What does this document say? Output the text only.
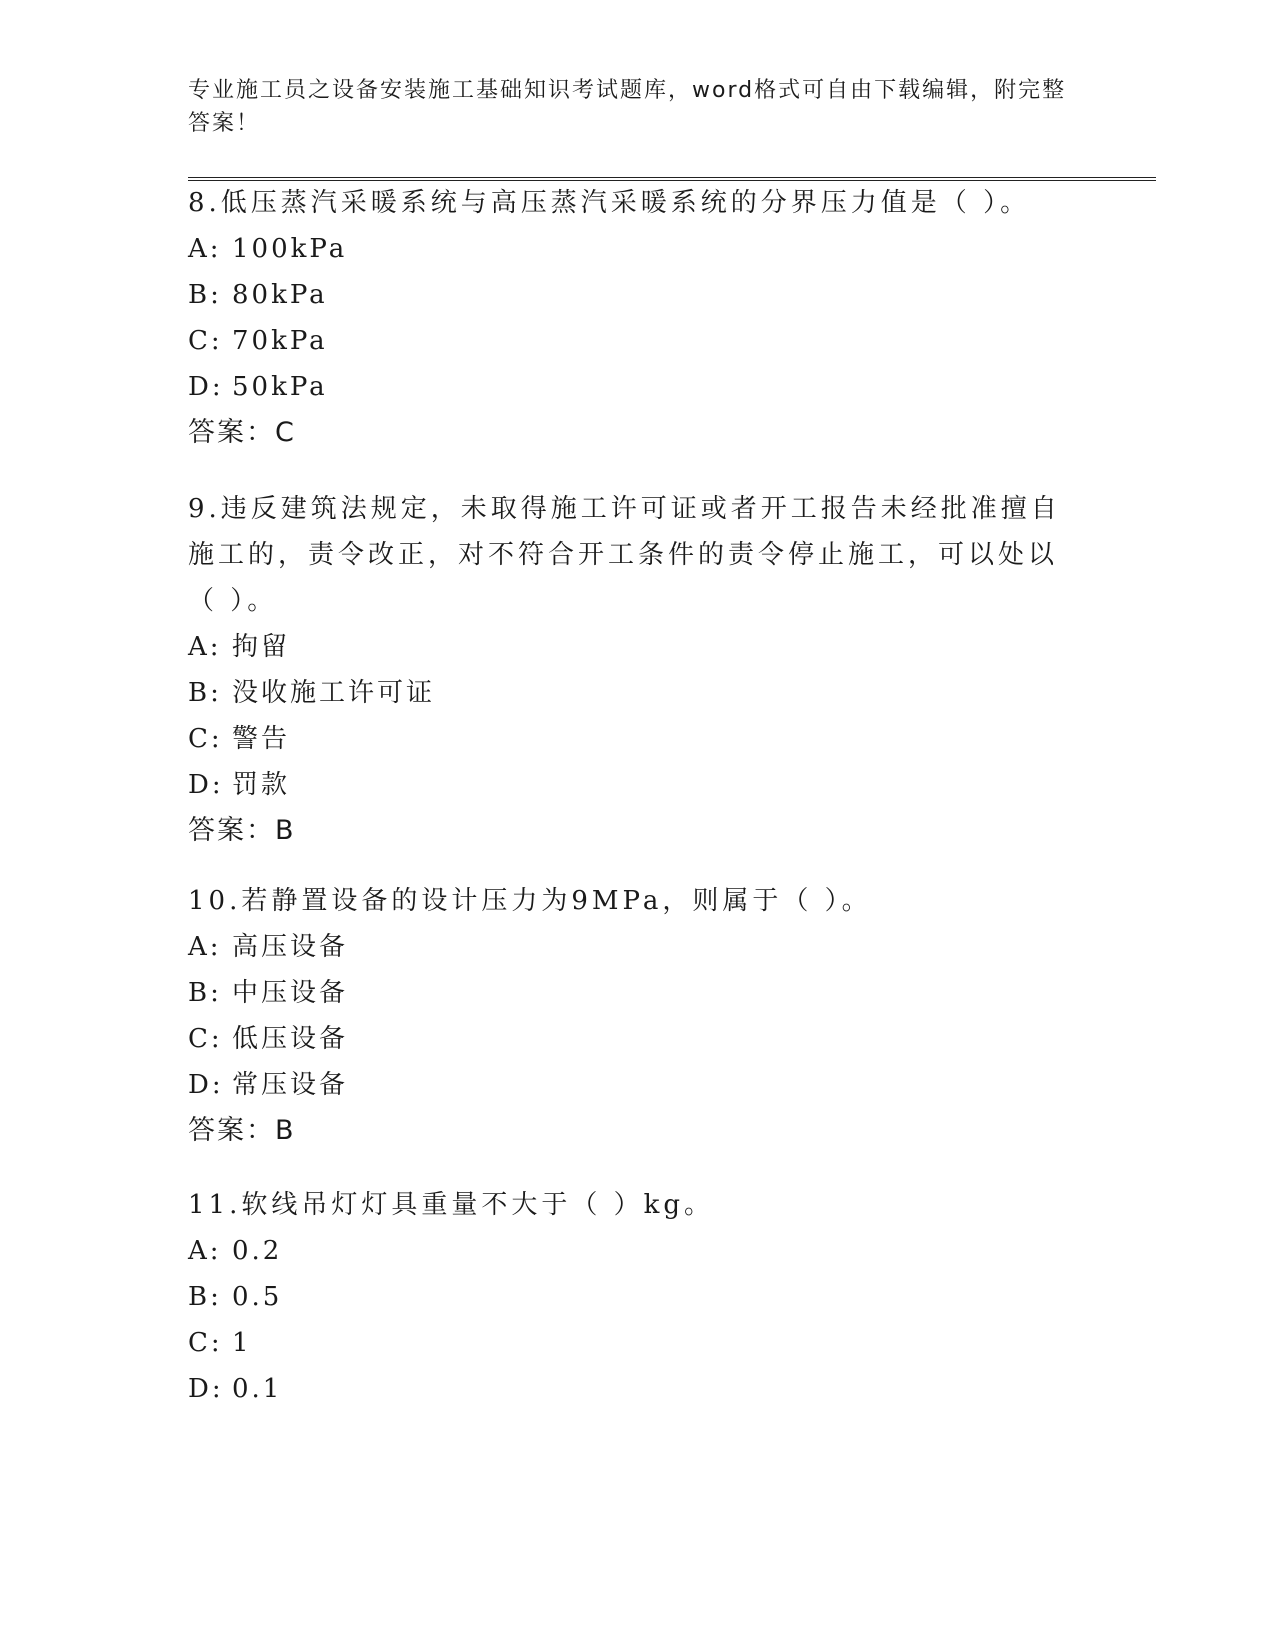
专业施工员之设备安装施工基础知识考试题库，word格式可自由下载编辑，附完整答案！

8.低压蒸汽采暖系统与高压蒸汽采暖系统的分界压力值是（ ）。

A: 100kPa

B: 80kPa

C: 70kPa

D: 50kPa

答案：C

9.违反建筑法规定，未取得施工许可证或者开工报告未经批准擅自施工的，责令改正，对不符合开工条件的责令停止施工，可以处以（ ）。

A: 拘留

B: 没收施工许可证

C: 警告

D: 罚款

答案：B

10.若静置设备的设计压力为9MPa，则属于（ ）。

A: 高压设备

B: 中压设备

C: 低压设备

D: 常压设备

答案：B

11.软线吊灯灯具重量不大于（ ）kg。

A: 0.2

B: 0.5

C: 1

D: 0.1
